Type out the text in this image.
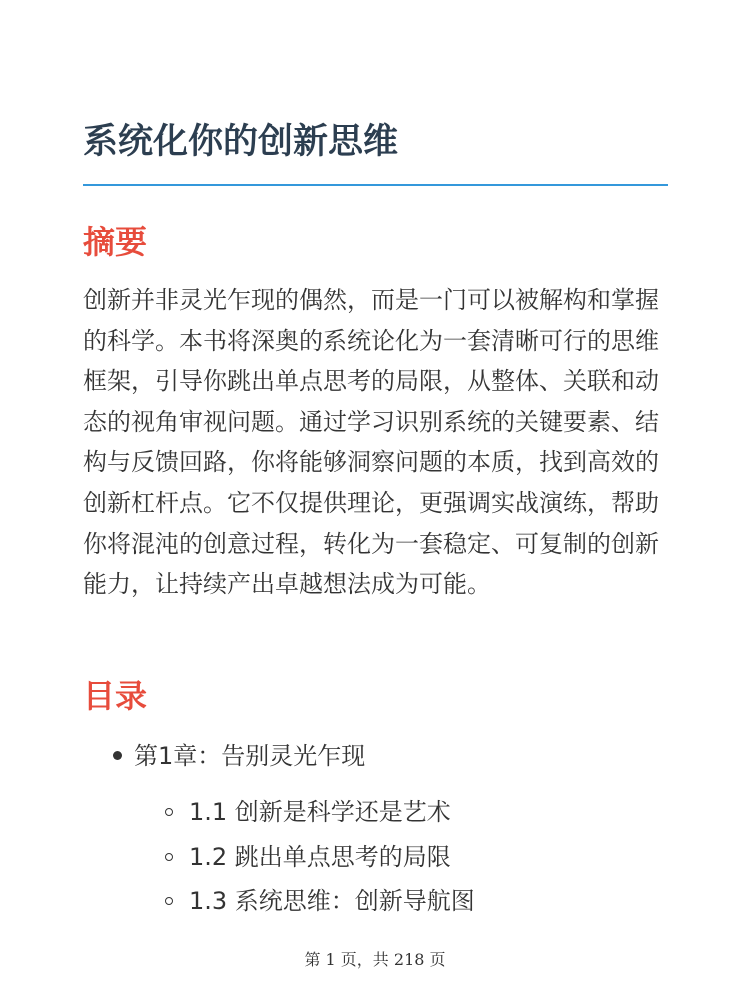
系统化你的创新思维
摘要

创新并非灵光乍现的偶然，而是一门可以被解构和掌握的科学。本书将深奥的系统论化为一套清晰可行的思维框架，引导你跳出单点思考的局限，从整体、关联和动态的视角审视问题。通过学习识别系统的关键要素、结构与反馈回路，你将能够洞察问题的本质，找到高效的创新杠杆点。它不仅提供理论，更强调实战演练，帮助你将混沌的创意过程，转化为一套稳定、可复制的创新能力，让持续产出卓越想法成为可能。

目录
第1章：告别灵光乍现
1.1 创新是科学还是艺术
1.2 跳出单点思考的局限
1.3 系统思维：创新导航图
第 1 页，共 218 页
